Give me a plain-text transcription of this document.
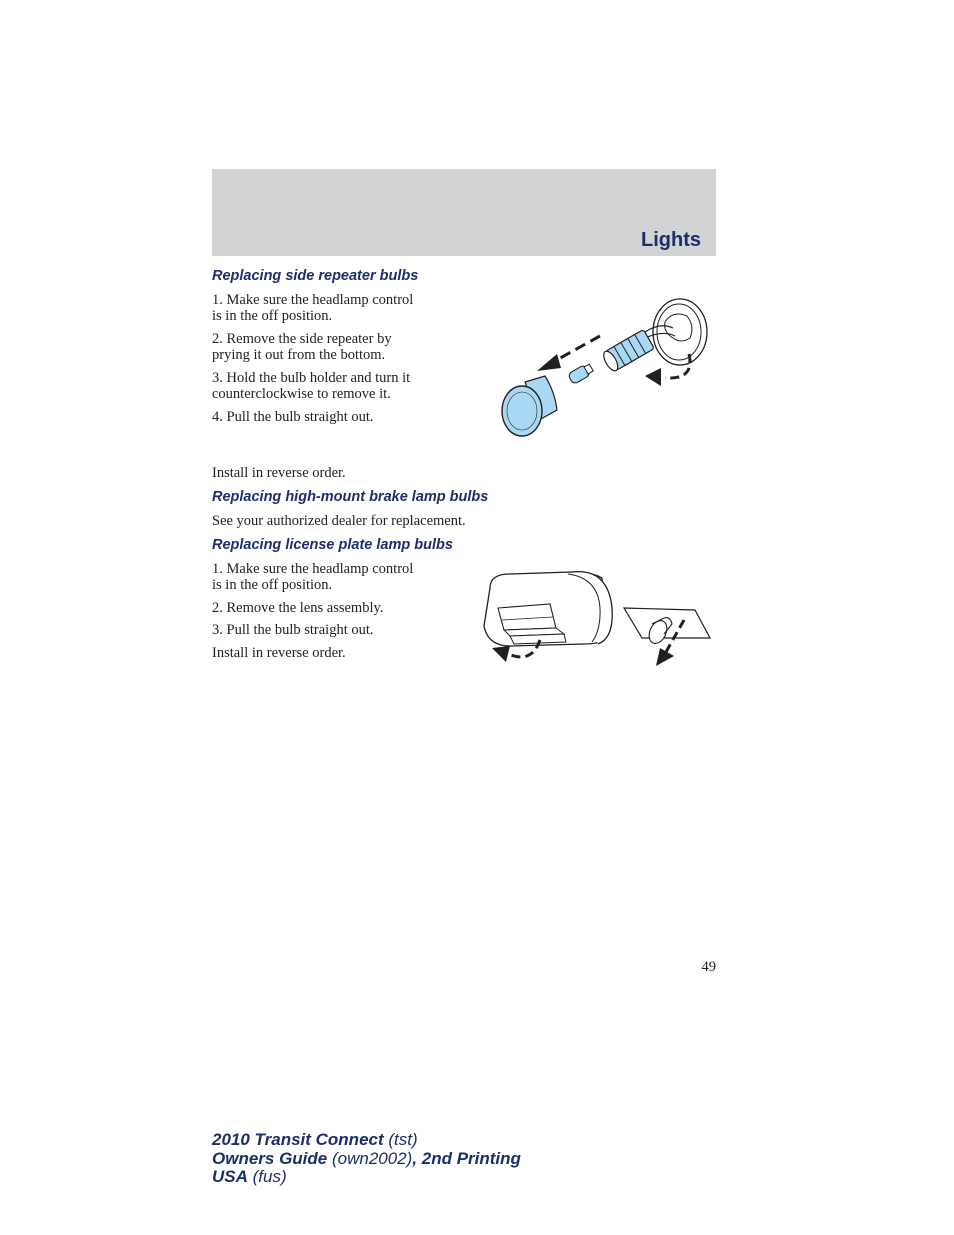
Lights
Replacing side repeater bulbs
1. Make sure the headlamp control
is in the off position.
2. Remove the side repeater by
prying it out from the bottom.
3. Hold the bulb holder and turn it
counterclockwise to remove it.
4. Pull the bulb straight out.
Install in reverse order.
Replacing high-mount brake lamp bulbs
See your authorized dealer for replacement.
Replacing license plate lamp bulbs
1. Make sure the headlamp control
is in the off position.
2. Remove the lens assembly.
3. Pull the bulb straight out.
Install in reverse order.
49
2010 Transit Connect (tst)
Owners Guide (own2002), 2nd Printing
USA (fus)
